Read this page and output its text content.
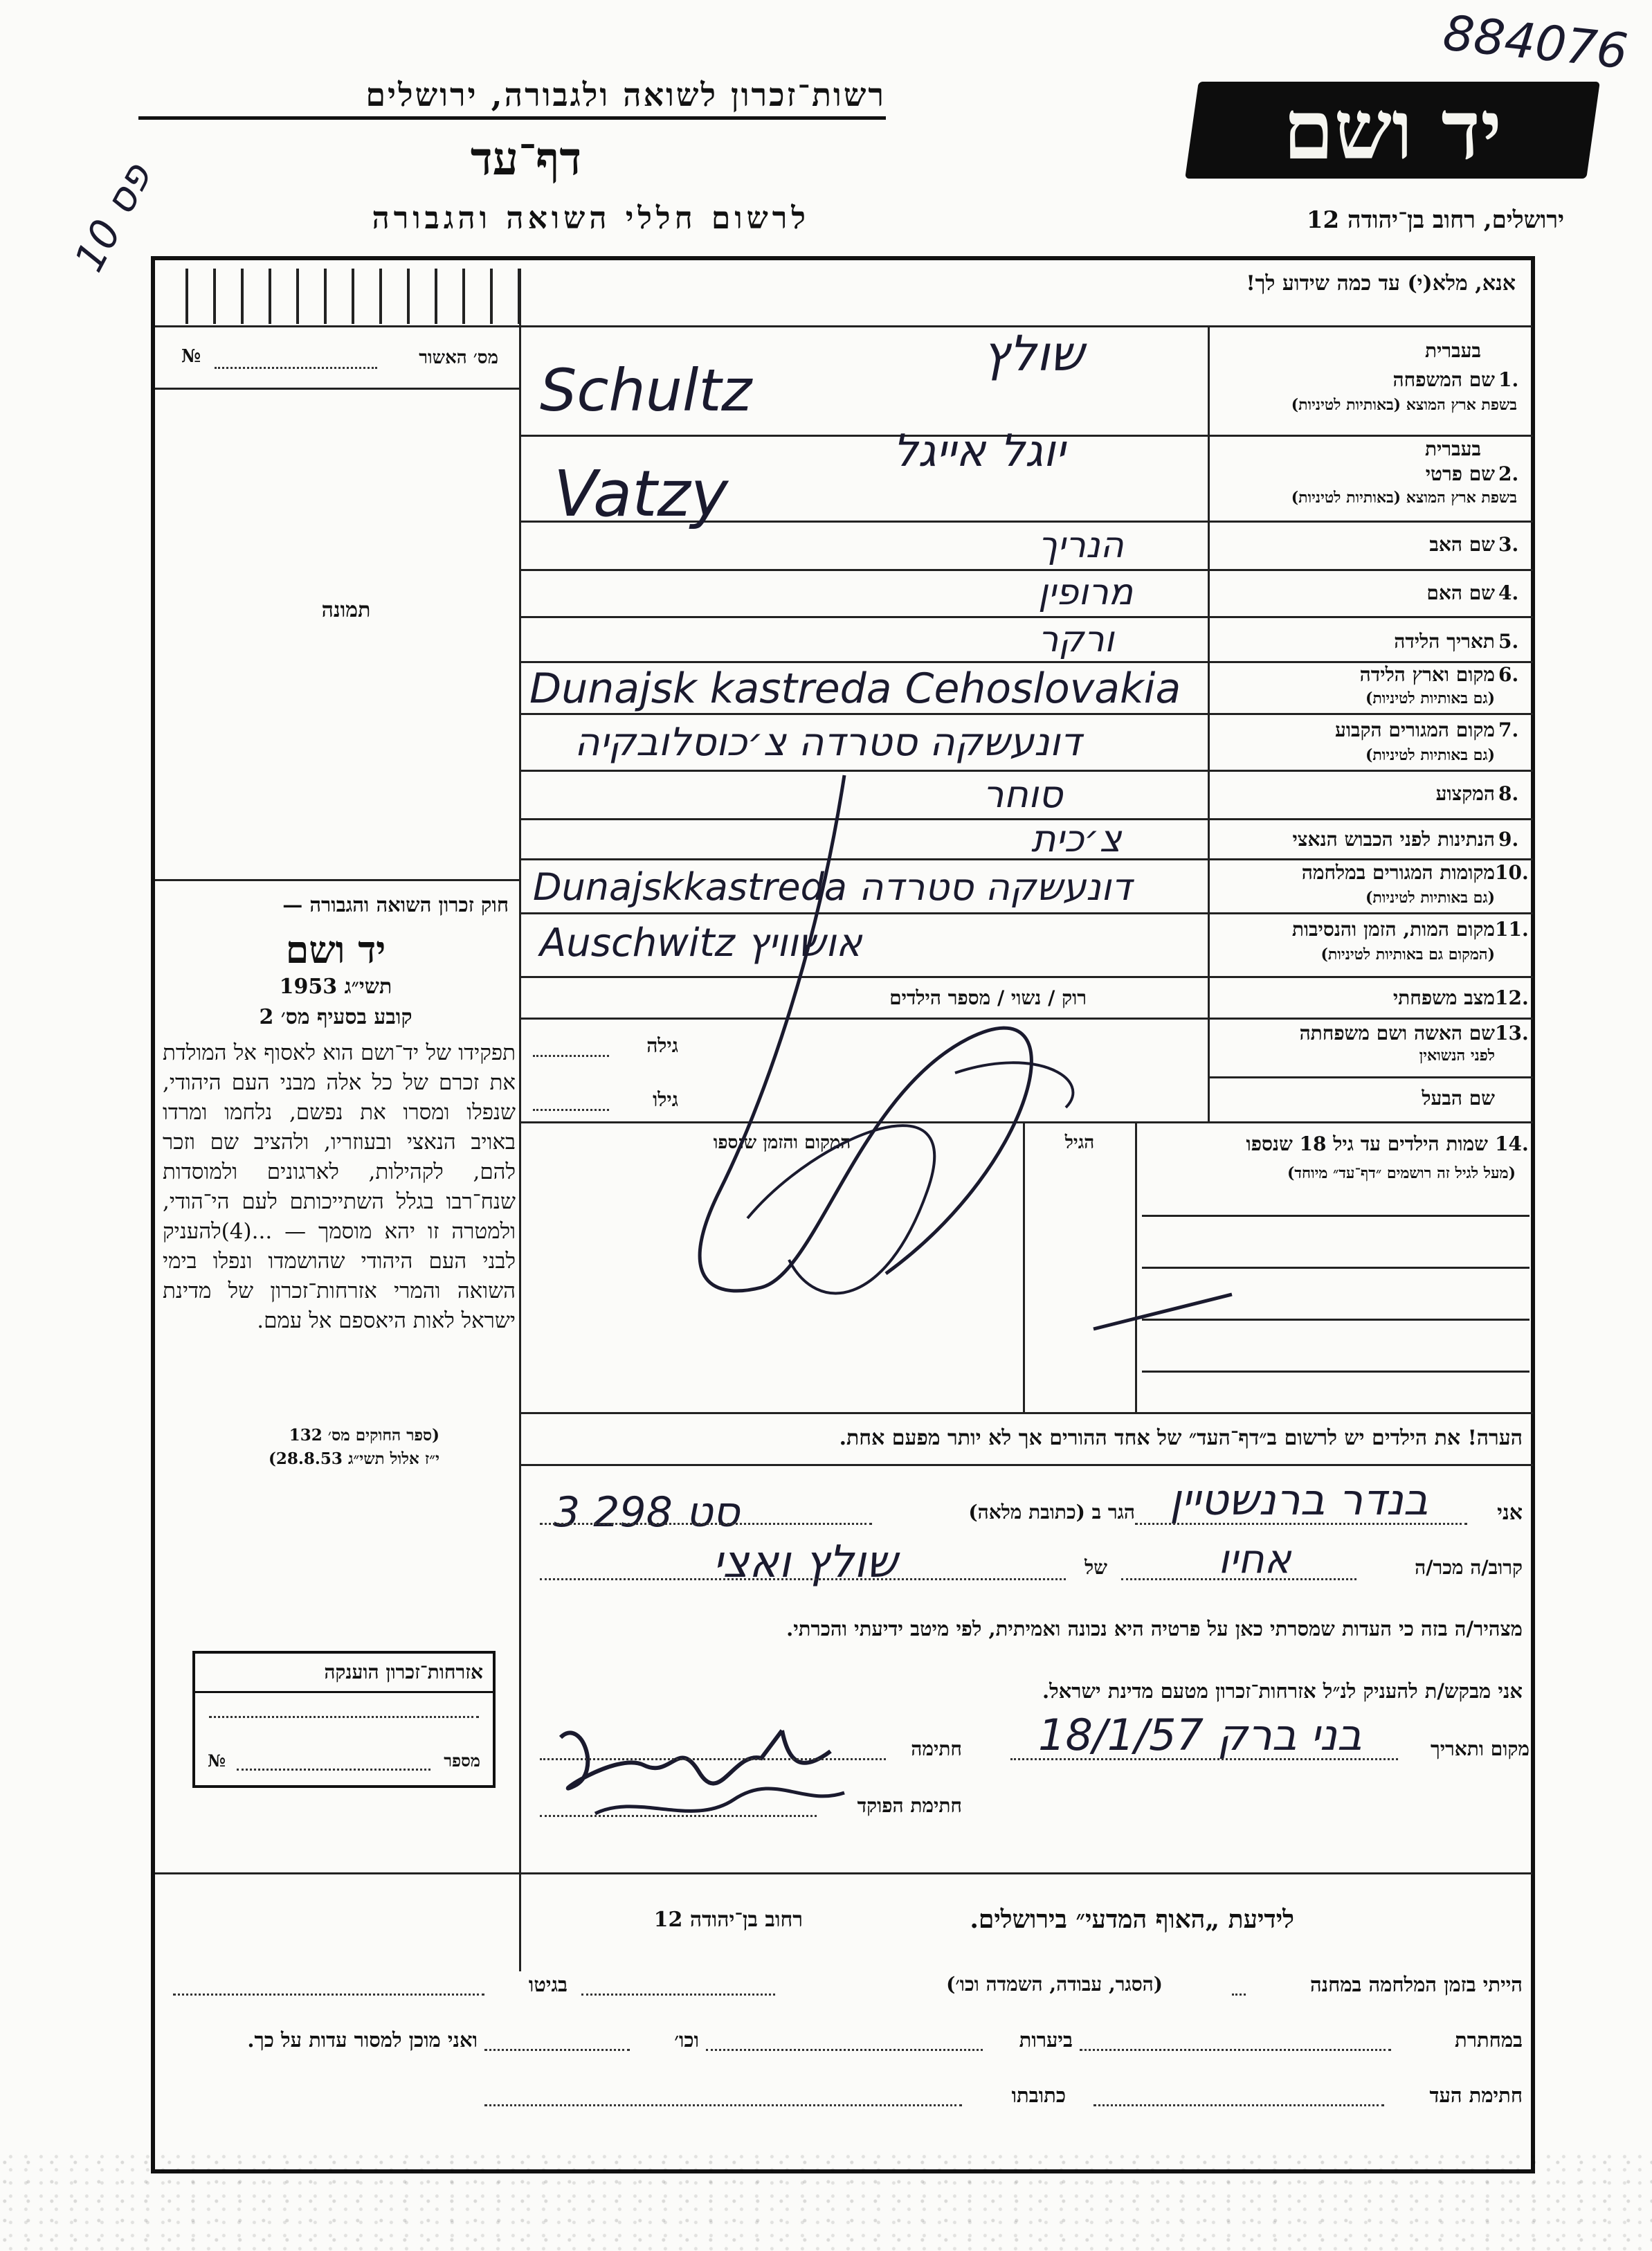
884076
פס 10
רשות־זכרון לשואה ולגבורה, ירושלים
דף־עד
לרשום חללי השואה והגבורה
יד ושם
ירושלים, רחוב בן־יהודה 12
אנא, מלא(י) עד כמה שידוע לך!
מס׳ האשור
№
תמונה
חוק זכרון השואה והגבורה —
יד ושם
תשי״ג 1953
קובע בסעיף מס׳ 2
תפקידו של יד־ושם הוא לאסוף אל המולדת את זכרם של כל אלה מבני העם היהודי, שנפלו ומסרו את נפשם, נלחמו ומרדו באויב הנאצי ובעוזריו, ולהציב שם וזכר להם, לקהילות, לארגונים ולמוסדות שנח־רבו בגלל השתייכותם לעם הי־הודי, ולמטרה זו יהא מוסמך — ...(4)להעניק לבני העם היהודי שהושמדו ונפלו בימי השואה והמרי אזרחות־זכרון של מדינת ישראל לאות היאספם אל עמם.
(ספר החוקים מס׳ 132
י״ז אלול תשי״ג 28.8.53)
אזרחות־זכרון הוענקה
מספר
№
בעברית
שם המשפחה 1.
בשפת ארץ המוצא (באותיות לטיניות)
שולץ
Schultz
בעברית
שם פרטי 2.
בשפת ארץ המוצא (באותיות לטיניות)
יוגל אייגל
Vatzy
שם האב 3.
הנריך
שם האם 4.
מרופין
תאריך הלידה 5.
ורקר
מקום וארץ הלידה 6.
(גם באותיות לטיניות)
Dunajsk kastreda Cehoslovakia
מקום המגורים הקבוע 7.
(גם באותיות לטיניות)
דונעשקה סטרדה צ׳כוסלובקיה
המקצוע 8.
סוחר
הנתינות לפני הכבוש הנאצי 9.
צ׳כית
מקומות המגורים במלחמה 10.
(גם באותיות לטיניות)
Dunajskkastreda דונעשקה סטרדה
מקום המות, הזמן והנסיבות 11.
(המקום גם באותיות לטיניות)
Auschwitz אושוויץ
מצב משפחתי 12.
רוק / נשוי / מספר הילדים
שם האשה ושם משפחתה 13.
לפני הנשואין
גילה
שם הבעל
גילו
שמות הילדים עד גיל 18 שנספו 14.
(מעל לגיל זה רושמים ״דף־עד״ מיוחד)
הגיל
המקום והזמן שנספו
הערה! את הילדים יש לרשום ב״דף־העד״ של אחד ההורים אך לא יותר מפעם אחת.
אני
בנדר ברנשטיין
הגר ב (כתובת מלאה)
3 סט 298
קרוב/ה מכר/ה
אחיו
של
שולץ ואצי
מצהיר/ה בזה כי העדות שמסרתי כאן על פרטיה היא נכונה ואמיתית, לפי מיטב ידיעתי והכרתי.
אני מבקש/ת להעניק לנ״ל אזרחות־זכרון מטעם מדינת ישראל.
מקום ותאריך
בני ברק 18/1/57
חתימה
חתימת הפוקד
לידיעת „האוף המדעי״ בירושלים.
רחוב בן־יהודה 12
הייתי בזמן המלחמה במחנה
(הסגר, עבודה, השמדה וכו׳)
בגיטו
במחתרת
ביערות
וכו׳
ואני מוכן למסור עדות על כך.
חתימת העד
כתובתו
